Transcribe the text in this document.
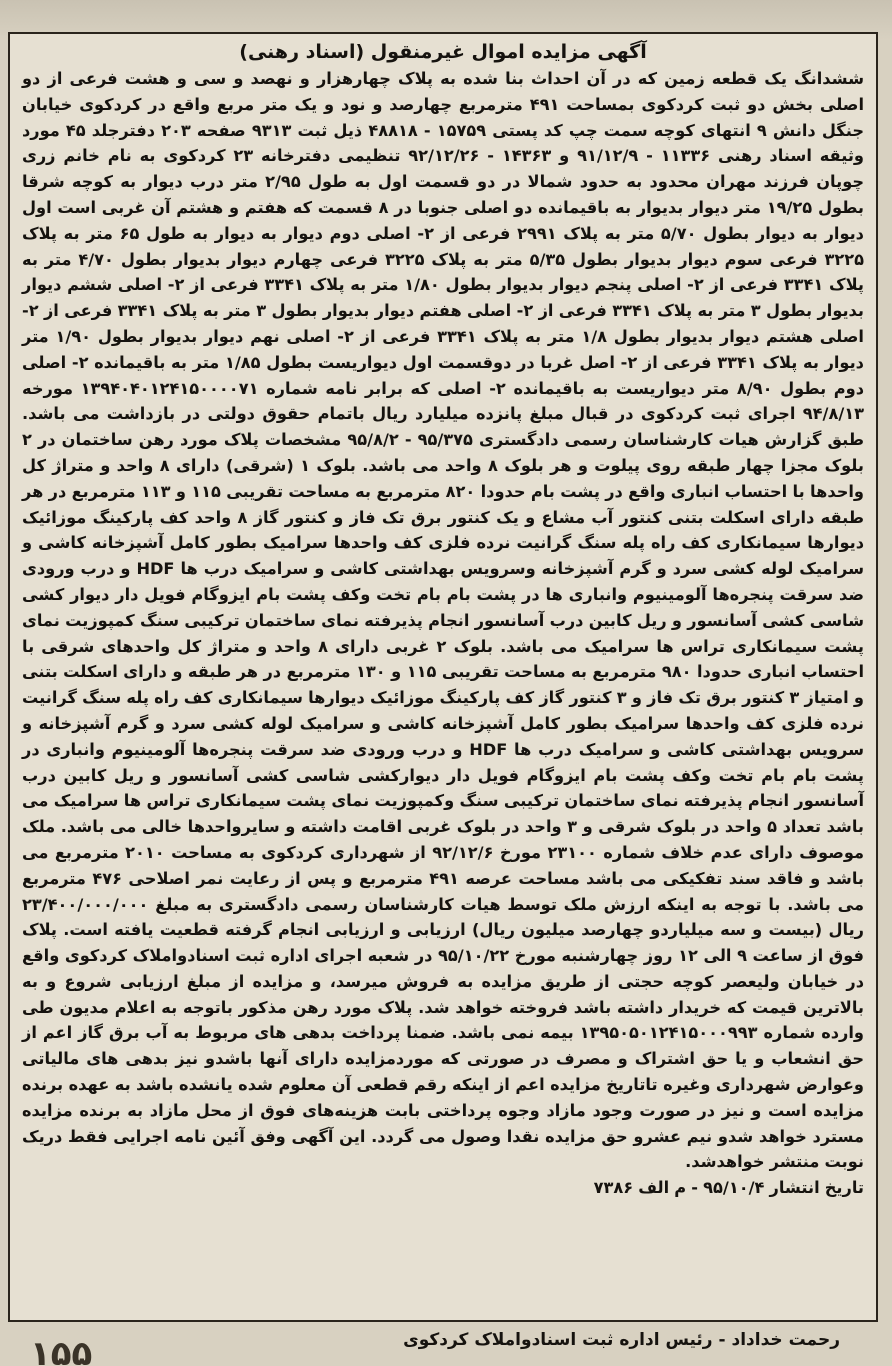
آگهی مزایده اموال غیرمنقول (اسناد رهنی)

ششدانگ یک قطعه زمین که در آن احداث بنا شده به پلاک چهارهزار و نهصد و سی و هشت فرعی از دو اصلی بخش دو ثبت کردکوی بمساحت ۴۹۱ مترمربع چهارصد و نود و یک متر مربع واقع در کردکوی خیابان جنگل دانش ۹ انتهای کوچه سمت چپ کد پستی ۱۵۷۵۹ - ۴۸۸۱۸ ذیل ثبت ۹۳۱۳ صفحه ۲۰۳ دفترجلد ۴۵ مورد وثیقه اسناد رهنی ۱۱۳۳۶ - ۹۱/۱۲/۹ و ۱۴۳۶۳ - ۹۲/۱۲/۲۶ تنظیمی دفترخانه ۲۳ کردکوی به نام خانم زری چوپان فرزند مهران محدود به حدود شمالا در دو قسمت اول به طول ۲/۹۵ متر درب دیوار به کوچه شرقا بطول ۱۹/۲۵ متر دیوار بدیوار به باقیمانده دو اصلی جنوبا در ۸ قسمت که هفتم و هشتم آن غربی است اول دیوار به دیوار بطول ۵/۷۰ متر به پلاک ۲۹۹۱ فرعی از ۲- اصلی دوم دیوار به دیوار به طول ۶۵ متر به پلاک ۳۲۲۵ فرعی سوم دیوار بدیوار بطول ۵/۳۵ متر به پلاک ۳۲۲۵ فرعی چهارم دیوار بدیوار بطول ۴/۷۰ متر به پلاک ۳۳۴۱ فرعی از ۲- اصلی پنجم دیوار بدیوار بطول ۱/۸۰ متر به پلاک ۳۳۴۱ فرعی از ۲- اصلی ششم دیوار بدیوار بطول ۳ متر به پلاک ۳۳۴۱ فرعی از ۲- اصلی هفتم دیوار بدیوار بطول ۳ متر به پلاک ۳۳۴۱ فرعی از ۲- اصلی هشتم دیوار بدیوار بطول ۱/۸ متر به پلاک ۳۳۴۱ فرعی از ۲- اصلی نهم دیوار بدیوار بطول ۱/۹۰ متر دیوار به پلاک ۳۳۴۱ فرعی از ۲- اصل غربا در دوقسمت اول دیواریست بطول ۱/۸۵ متر به باقیمانده ۲- اصلی دوم بطول ۸/۹۰ متر دیواریست به باقیمانده ۲- اصلی که برابر نامه شماره ۱۳۹۴۰۴۰۱۲۴۱۵۰۰۰۰۷۱ مورخه ۹۴/۸/۱۳ اجرای ثبت کردکوی در قبال مبلغ پانزده میلیارد ریال باتمام حقوق دولتی در بازداشت می باشد. طبق گزارش هیات کارشناسان رسمی دادگستری ۹۵/۳۷۵ - ۹۵/۸/۲ مشخصات پلاک مورد رهن ساختمان در ۲ بلوک مجزا چهار طبقه روی پیلوت و هر بلوک ۸ واحد می باشد. بلوک ۱ (شرقی) دارای ۸ واحد و متراژ کل واحدها با احتساب انباری واقع در پشت بام حدودا ۸۲۰ مترمربع به مساحت تقریبی ۱۱۵ و ۱۱۳ مترمربع در هر طبقه دارای اسکلت بتنی کنتور آب مشاع و یک کنتور برق تک فاز و کنتور گاز ۸ واحد کف پارکینگ موزائیک دیوارها سیمانکاری کف راه پله سنگ گرانیت نرده فلزی کف واحدها سرامیک بطور کامل آشپزخانه کاشی و سرامیک لوله کشی سرد و گرم آشپزخانه وسرویس بهداشتی کاشی و سرامیک درب ها HDF و درب ورودی ضد سرقت پنجره‌ها آلومینیوم وانباری ها در پشت بام بام تخت وکف پشت بام ایزوگام فویل دار دیوار کشی شاسی کشی آسانسور و ریل کابین درب آسانسور انجام پذیرفته نمای ساختمان ترکیبی سنگ کمپوزیت نمای پشت سیمانکاری تراس ها سرامیک می باشد. بلوک ۲ غربی دارای ۸ واحد و متراژ کل واحدهای شرقی با احتساب انباری حدودا ۹۸۰ مترمربع به مساحت تقریبی ۱۱۵ و ۱۳۰ مترمربع در هر طبقه و دارای اسکلت بتنی و امتیاز ۳ کنتور برق تک فاز و ۳ کنتور گاز کف پارکینگ موزائیک دیوارها سیمانکاری کف راه پله سنگ گرانیت نرده فلزی کف واحدها سرامیک بطور کامل آشپزخانه کاشی و سرامیک لوله کشی سرد و گرم آشپزخانه و سرویس بهداشتی کاشی و سرامیک درب ها HDF و درب ورودی ضد سرقت پنجره‌ها آلومینیوم وانباری در پشت بام بام تخت وکف پشت بام ایزوگام فویل دار دیوارکشی شاسی کشی آسانسور و ریل کابین درب آسانسور انجام پذیرفته نمای ساختمان ترکیبی سنگ وکمپوزیت نمای پشت سیمانکاری تراس ها سرامیک می باشد تعداد ۵ واحد در بلوک شرقی و ۳ واحد در بلوک غربی اقامت داشته و سایرواحدها خالی می باشد. ملک موصوف دارای عدم خلاف شماره ۲۳۱۰۰ مورخ ۹۲/۱۲/۶ از شهرداری کردکوی به مساحت ۲۰۱۰ مترمربع می باشد و فاقد سند تفکیکی می باشد مساحت عرصه ۴۹۱ مترمربع و پس از رعایت نمر اصلاحی ۴۷۶ مترمربع می باشد. با توجه به اینکه ارزش ملک توسط هیات کارشناسان رسمی دادگستری به مبلغ ۲۳/۴۰۰/۰۰۰/۰۰۰ ریال (بیست و سه میلیاردو چهارصد میلیون ریال) ارزیابی و ارزیابی انجام گرفته قطعیت یافته است. پلاک فوق از ساعت ۹ الی ۱۲ روز چهارشنبه مورخ ۹۵/۱۰/۲۲ در شعبه اجرای اداره ثبت اسنادواملاک کردکوی واقع در خیابان ولیعصر کوچه حجتی از طریق مزایده به فروش میرسد، و مزایده از مبلغ ارزیابی شروع و به بالاترین قیمت که خریدار داشته باشد فروخته خواهد شد. پلاک مورد رهن مذکور باتوجه به اعلام مدیون طی وارده شماره ۱۳۹۵۰۵۰۱۲۴۱۵۰۰۰۹۹۳ بیمه نمی باشد. ضمنا پرداخت بدهی های مربوط به آب برق گاز اعم از حق انشعاب و یا حق اشتراک و مصرف در صورتی که موردمزایده دارای آنها باشدو نیز بدهی های مالیاتی وعوارض شهرداری وغیره تاتاریخ مزایده اعم از اینکه رقم قطعی آن معلوم شده یانشده باشد به عهده برنده مزایده است و نیز در صورت وجود مازاد وجوه پرداختی بابت هزینه‌های فوق از محل مازاد به برنده مزایده مسترد خواهد شدو نیم عشرو حق مزایده نقدا وصول می گردد. این آگهی وفق آئین نامه اجرایی فقط دریک نوبت منتشر خواهدشد.

تاریخ انتشار ۹۵/۱۰/۴ - م الف ۷۳۸۶

رحمت خداداد - رئیس اداره ثبت اسنادواملاک کردکوی
۱۵۵
